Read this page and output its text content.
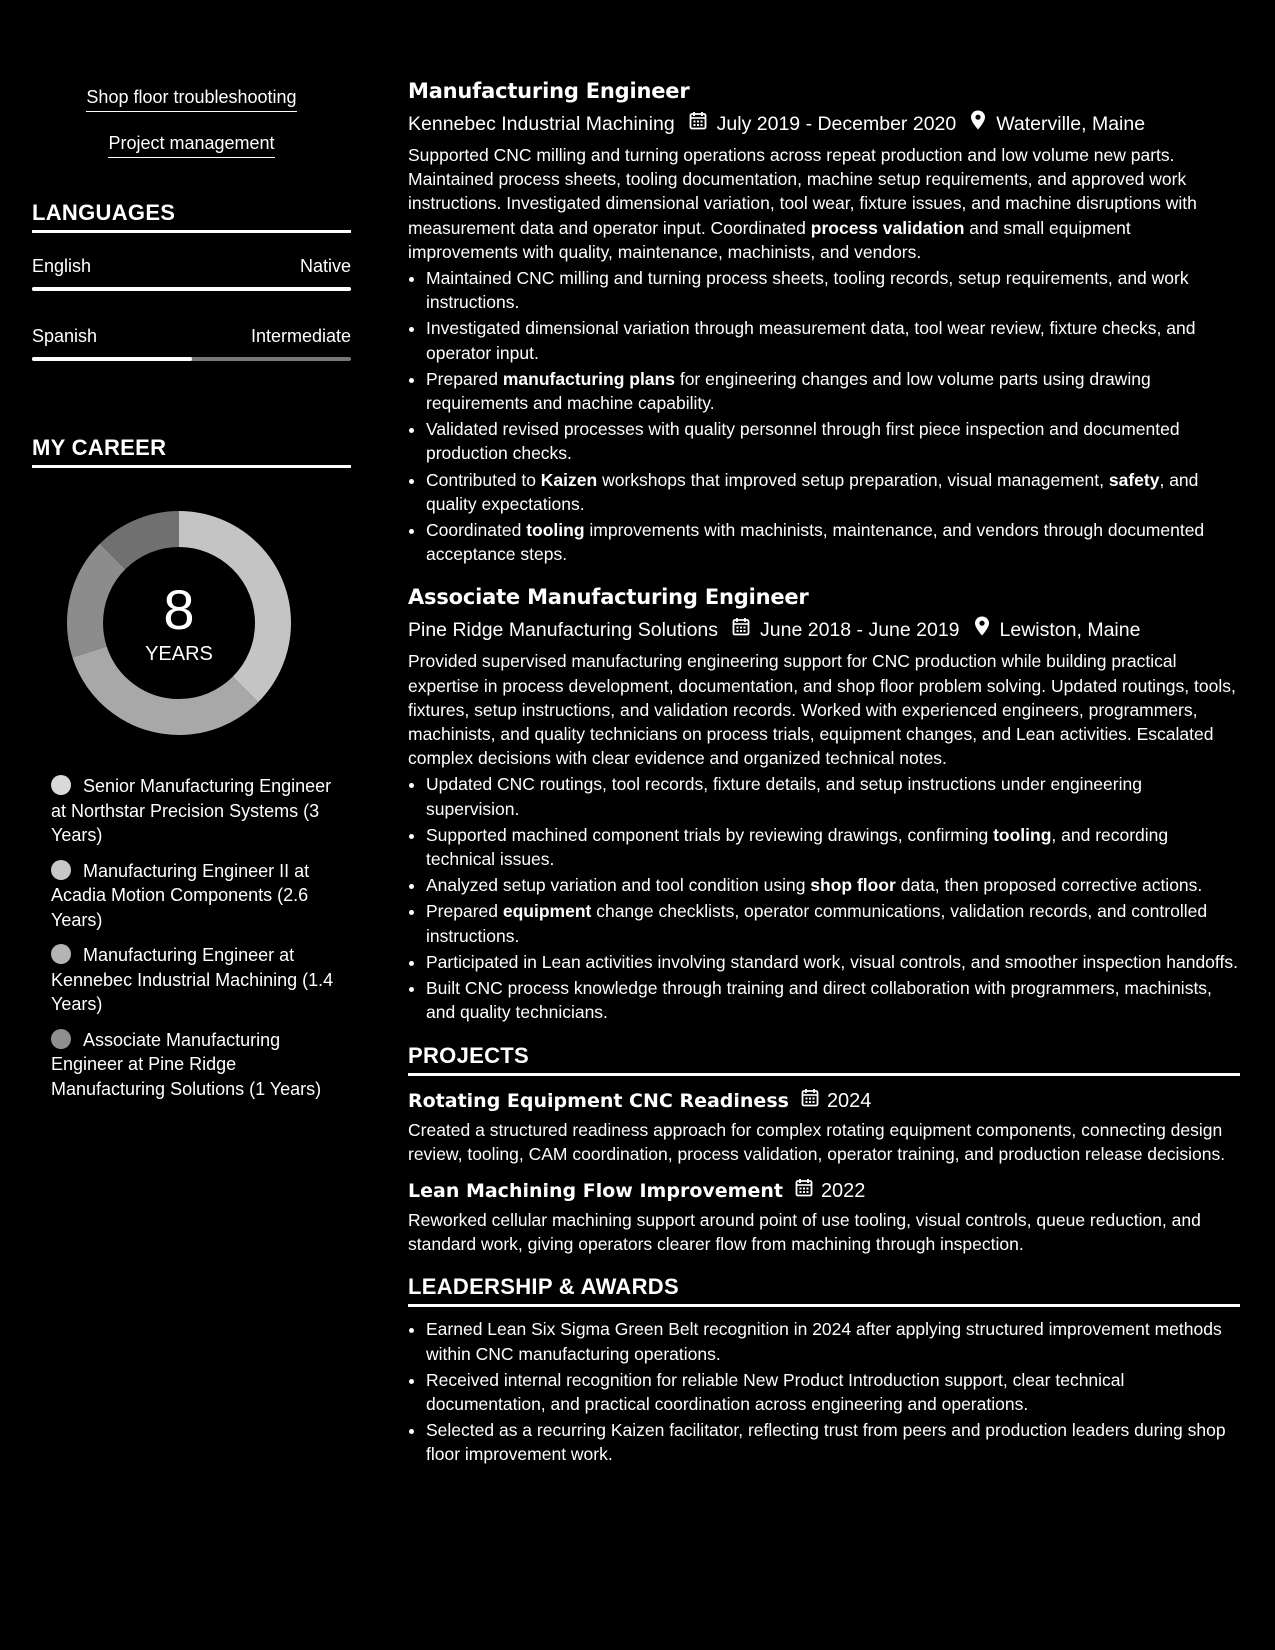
Shop floor troubleshooting
Project management
LANGUAGES
English	Native
Spanish	Intermediate
MY CAREER
8
YEARS
Senior Manufacturing Engineer at Northstar Precision Systems (3 Years)
Manufacturing Engineer II at Acadia Motion Components (2.6 Years)
Manufacturing Engineer at Kennebec Industrial Machining (1.4 Years)
Associate Manufacturing Engineer at Pine Ridge Manufacturing Solutions (1 Years)
Manufacturing Engineer
Kennebec Industrial Machining July 2019 - December 2020 Waterville, Maine

Supported CNC milling and turning operations across repeat production and low volume new parts. Maintained process sheets, tooling documentation, machine setup requirements, and approved work instructions. Investigated dimensional variation, tool wear, fixture issues, and machine disruptions with measurement data and operator input. Coordinated process validation and small equipment improvements with quality, maintenance, machinists, and vendors.

• Maintained CNC milling and turning process sheets, tooling records, setup requirements, and work instructions.
• Investigated dimensional variation through measurement data, tool wear review, fixture checks, and operator input.
• Prepared manufacturing plans for engineering changes and low volume parts using drawing requirements and machine capability.
• Validated revised processes with quality personnel through first piece inspection and documented production checks.
• Contributed to Kaizen workshops that improved setup preparation, visual management, safety, and quality expectations.
• Coordinated tooling improvements with machinists, maintenance, and vendors through documented acceptance steps.
Associate Manufacturing Engineer
Pine Ridge Manufacturing Solutions June 2018 - June 2019 Lewiston, Maine

Provided supervised manufacturing engineering support for CNC production while building practical expertise in process development, documentation, and shop floor problem solving. Updated routings, tools, fixtures, setup instructions, and validation records. Worked with experienced engineers, programmers, machinists, and quality technicians on process trials, equipment changes, and Lean activities. Escalated complex decisions with clear evidence and organized technical notes.

• Updated CNC routings, tool records, fixture details, and setup instructions under engineering supervision.
• Supported machined component trials by reviewing drawings, confirming tooling, and recording technical issues.
• Analyzed setup variation and tool condition using shop floor data, then proposed corrective actions.
• Prepared equipment change checklists, operator communications, validation records, and controlled instructions.
• Participated in Lean activities involving standard work, visual controls, and smoother inspection handoffs.
• Built CNC process knowledge through training and direct collaboration with programmers, machinists, and quality technicians.
PROJECTS
Rotating Equipment CNC Readiness 2024

Created a structured readiness approach for complex rotating equipment components, connecting design review, tooling, CAM coordination, process validation, operator training, and production release decisions.

Lean Machining Flow Improvement 2022

Reworked cellular machining support around point of use tooling, visual controls, queue reduction, and standard work, giving operators clearer flow from machining through inspection.

LEADERSHIP & AWARDS
• Earned Lean Six Sigma Green Belt recognition in 2024 after applying structured improvement methods within CNC manufacturing operations.
• Received internal recognition for reliable New Product Introduction support, clear technical documentation, and practical coordination across engineering and operations.
• Selected as a recurring Kaizen facilitator, reflecting trust from peers and production leaders during shop floor improvement work.
